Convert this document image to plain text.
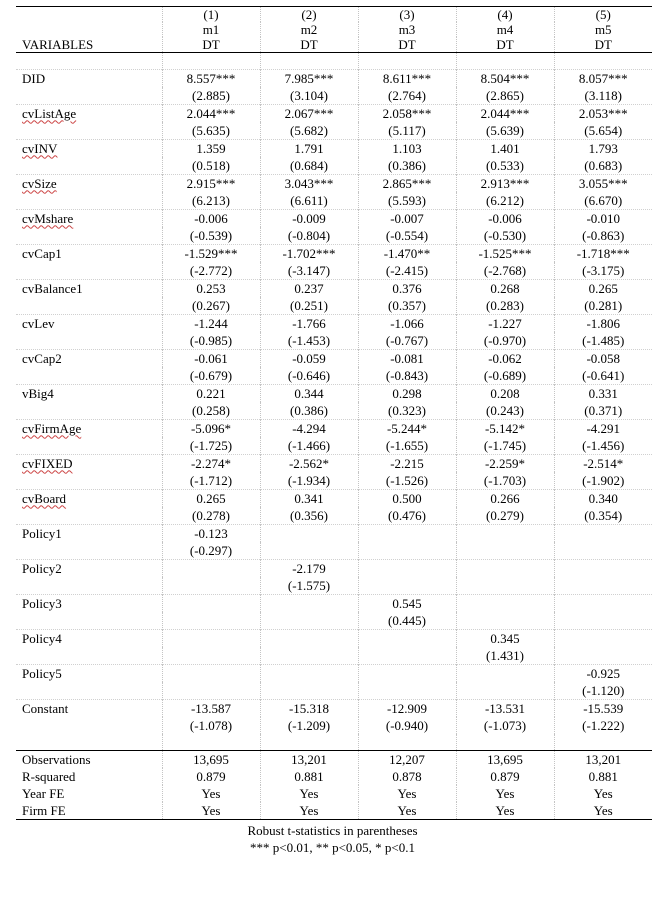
	(1)	(2)	(3)	(4)	(5)
	m1	m2	m3	m4	m5
VARIABLES	DT	DT	DT	DT	DT

DID	8.557***	7.985***	8.611***	8.504***	8.057***
	(2.885)	(3.104)	(2.764)	(2.865)	(3.118)
cvListAge	2.044***	2.067***	2.058***	2.044***	2.053***
	(5.635)	(5.682)	(5.117)	(5.639)	(5.654)
cvINV	1.359	1.791	1.103	1.401	1.793
	(0.518)	(0.684)	(0.386)	(0.533)	(0.683)
cvSize	2.915***	3.043***	2.865***	2.913***	3.055***
	(6.213)	(6.611)	(5.593)	(6.212)	(6.670)
cvMshare	-0.006	-0.009	-0.007	-0.006	-0.010
	(-0.539)	(-0.804)	(-0.554)	(-0.530)	(-0.863)
cvCap1	-1.529***	-1.702***	-1.470**	-1.525***	-1.718***
	(-2.772)	(-3.147)	(-2.415)	(-2.768)	(-3.175)
cvBalance1	0.253	0.237	0.376	0.268	0.265
	(0.267)	(0.251)	(0.357)	(0.283)	(0.281)
cvLev	-1.244	-1.766	-1.066	-1.227	-1.806
	(-0.985)	(-1.453)	(-0.767)	(-0.970)	(-1.485)
cvCap2	-0.061	-0.059	-0.081	-0.062	-0.058
	(-0.679)	(-0.646)	(-0.843)	(-0.689)	(-0.641)
vBig4	0.221	0.344	0.298	0.208	0.331
	(0.258)	(0.386)	(0.323)	(0.243)	(0.371)
cvFirmAge	-5.096*	-4.294	-5.244*	-5.142*	-4.291
	(-1.725)	(-1.466)	(-1.655)	(-1.745)	(-1.456)
cvFIXED	-2.274*	-2.562*	-2.215	-2.259*	-2.514*
	(-1.712)	(-1.934)	(-1.526)	(-1.703)	(-1.902)
cvBoard	0.265	0.341	0.500	0.266	0.340
	(0.278)	(0.356)	(0.476)	(0.279)	(0.354)
Policy1	-0.123				
	(-0.297)				
Policy2		-2.179			
		(-1.575)			
Policy3			0.545		
			(0.445)		
Policy4				0.345	
				(1.431)	
Policy5					-0.925
					(-1.120)
Constant	-13.587	-15.318	-12.909	-13.531	-15.539
	(-1.078)	(-1.209)	(-0.940)	(-1.073)	(-1.222)

Observations	13,695	13,201	12,207	13,695	13,201
R-squared	0.879	0.881	0.878	0.879	0.881
Year FE	Yes	Yes	Yes	Yes	Yes
Firm FE	Yes	Yes	Yes	Yes	Yes
Robust t-statistics in parentheses
*** p<0.01, ** p<0.05, * p<0.1
